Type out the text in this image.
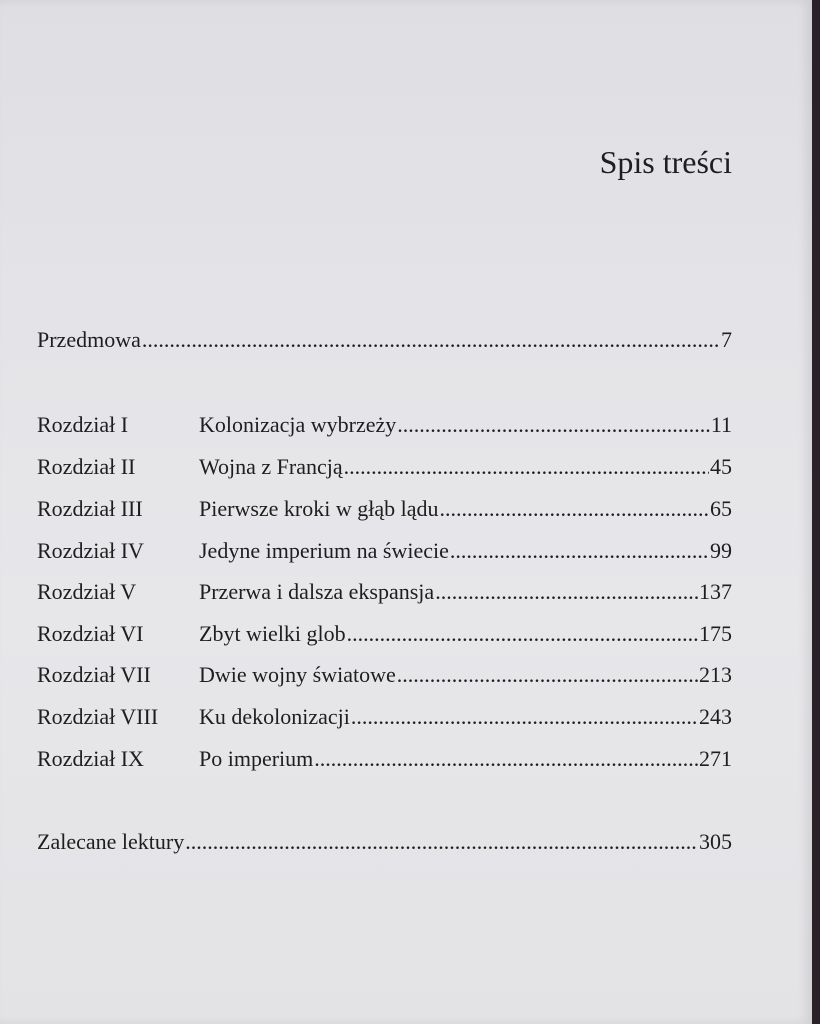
Spis treści
Przedmowa .....	7
Rozdział I	Kolonizacja wybrzeży .....	11
Rozdział II	Wojna z Francją .....	45
Rozdział III	Pierwsze kroki w głąb lądu .....	65
Rozdział IV	Jedyne imperium na świecie .....	99
Rozdział V	Przerwa i dalsza ekspansja .....	137
Rozdział VI	Zbyt wielki glob .....	175
Rozdział VII	Dwie wojny światowe .....	213
Rozdział VIII	Ku dekolonizacji .....	243
Rozdział IX	Po imperium .....	271
Zalecane lektury .....	305
